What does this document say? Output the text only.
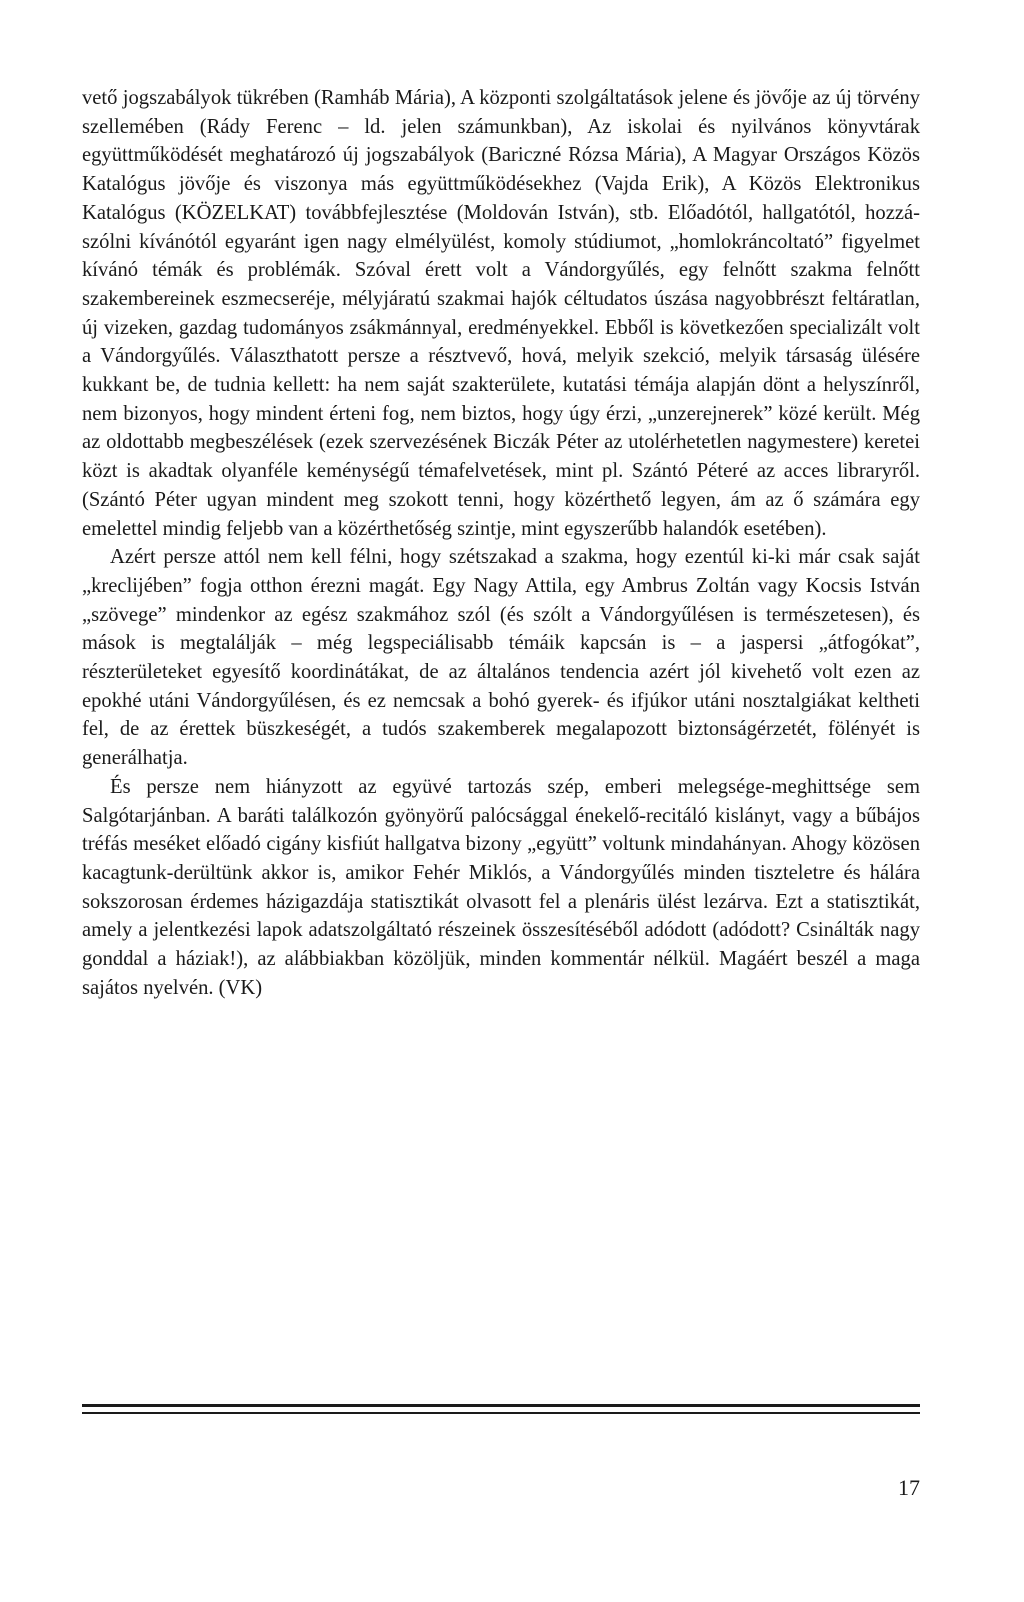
vető jogszabályok tükrében (Ramháb Mária), A központi szolgáltatások jelene és jövője az új törvény szellemében (Rády Ferenc – ld. jelen számunkban), Az iskolai és nyilvános könyvtárak együttműködését meghatározó új jogszabályok (Bariczné Rózsa Mária), A Magyar Országos Közös Katalógus jövője és viszonya más együttműködésekhez (Vajda Erik), A Közös Elektronikus Katalógus (KÖZELKAT) továbbfejlesztése (Moldován István), stb. Előadótól, hallgatótól, hozzászólni kívánótól egyaránt igen nagy elmélyülést, komoly stúdiumot, „homlokráncoltató” figyelmet kívánó témák és problémák. Szóval érett volt a Vándorgyűlés, egy felnőtt szakma felnőtt szakembereinek eszmecseréje, mélyjáratú szakmai hajók céltudatos úszása nagyobbrészt feltáratlan, új vizeken, gazdag tudományos zsákmánnyal, eredményekkel. Ebből is következően specializált volt a Vándorgyűlés. Választhatott persze a résztvevő, hová, melyik szekció, melyik társaság ülésére kukkant be, de tudnia kellett: ha nem saját szakterülete, kutatási témája alapján dönt a helyszínről, nem bizonyos, hogy mindent érteni fog, nem biztos, hogy úgy érzi, „unzerejnerek” közé került. Még az oldottabb megbeszélések (ezek szervezésének Biczák Péter az utolérhetetlen nagymestere) keretei közt is akadtak olyanféle keménységű témafelvetések, mint pl. Szántó Péteré az acces libraryről. (Szántó Péter ugyan mindent meg szokott tenni, hogy közérthető legyen, ám az ő számára egy emelettel mindig feljebb van a közérthetőség szintje, mint egyszerűbb halandók esetében).

Azért persze attól nem kell félni, hogy szétszakad a szakma, hogy ezentúl ki-ki már csak saját „kreclijében” fogja otthon érezni magát. Egy Nagy Attila, egy Ambrus Zoltán vagy Kocsis István „szövege” mindenkor az egész szakmához szól (és szólt a Vándorgyűlésen is természetesen), és mások is megtalálják – még legspeciálisabb témáik kapcsán is – a jaspersi „átfogókat”, részterületeket egyesítő koordinátákat, de az általános tendencia azért jól kivehető volt ezen az epokhé utáni Vándorgyűlésen, és ez nemcsak a bohó gyerek- és ifjúkor utáni nosztalgiákat keltheti fel, de az érettek büszkeségét, a tudós szakemberek megalapozott biztonságérzetét, fölényét is generálhatja.

És persze nem hiányzott az együvé tartozás szép, emberi melegsége-meghittsége sem Salgótarjánban. A baráti találkozón gyönyörű palócsággal énekelő-recitáló kislányt, vagy a bűbájos tréfás meséket előadó cigány kisfiút hallgatva bizony „együtt” voltunk mindahányan. Ahogy közösen kacagtunk-derültünk akkor is, amikor Fehér Miklós, a Vándorgyűlés minden tiszteletre és hálára sokszorosan érdemes házigazdája statisztikát olvasott fel a plenáris ülést lezárva. Ezt a statisztikát, amely a jelentkezési lapok adatszolgáltató részeinek összesítéséből adódott (adódott? Csinálták nagy gonddal a háziak!), az alábbiakban közöljük, minden kommentár nélkül. Magáért beszél a maga sajátos nyelvén. (VK)

17
